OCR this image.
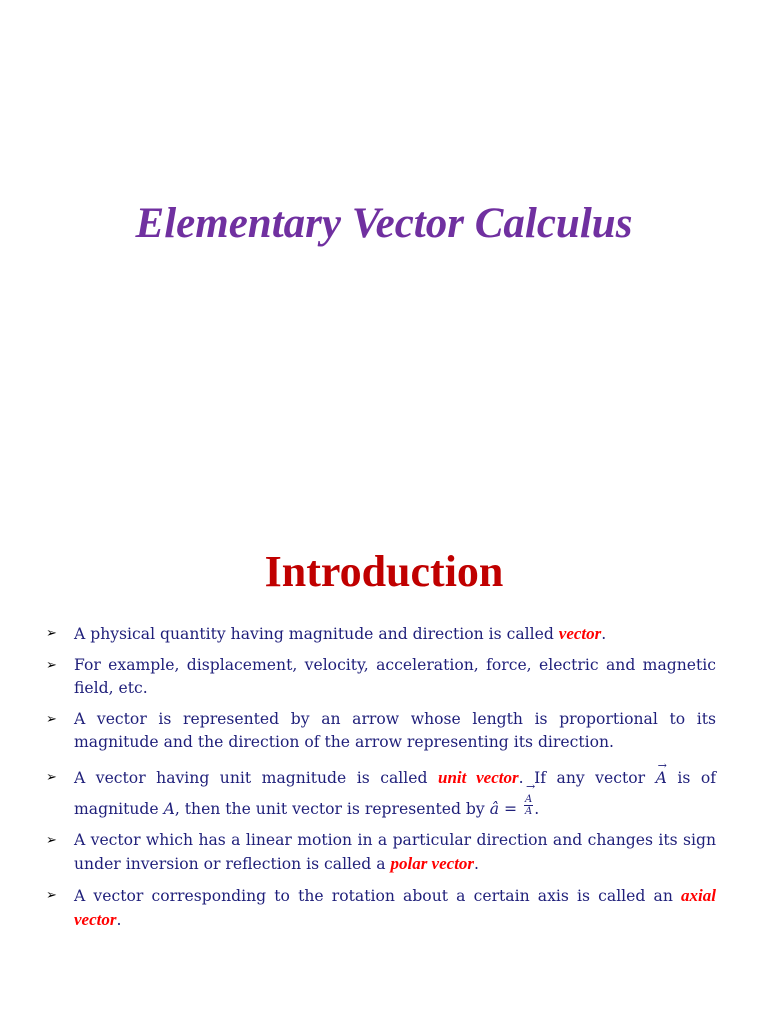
Elementary Vector Calculus
Introduction
➢ A physical quantity having magnitude and direction is called vector.
➢ For example, displacement, velocity, acceleration, force, electric and magnetic field, etc.
➢ A vector is represented by an arrow whose length is proportional to its magnitude and the direction of the arrow representing its direction.
➢ A vector having unit magnitude is called unit vector. If any vector → A is of magnitude A, then the unit vector is represented by â =
→ $\frac{A}{A}$ .
➢ A vector which has a linear motion in a particular direction and changes its sign under inversion or reflection is called a polar vector.
➢ A vector corresponding to the rotation about a certain axis is called an axial vector.
